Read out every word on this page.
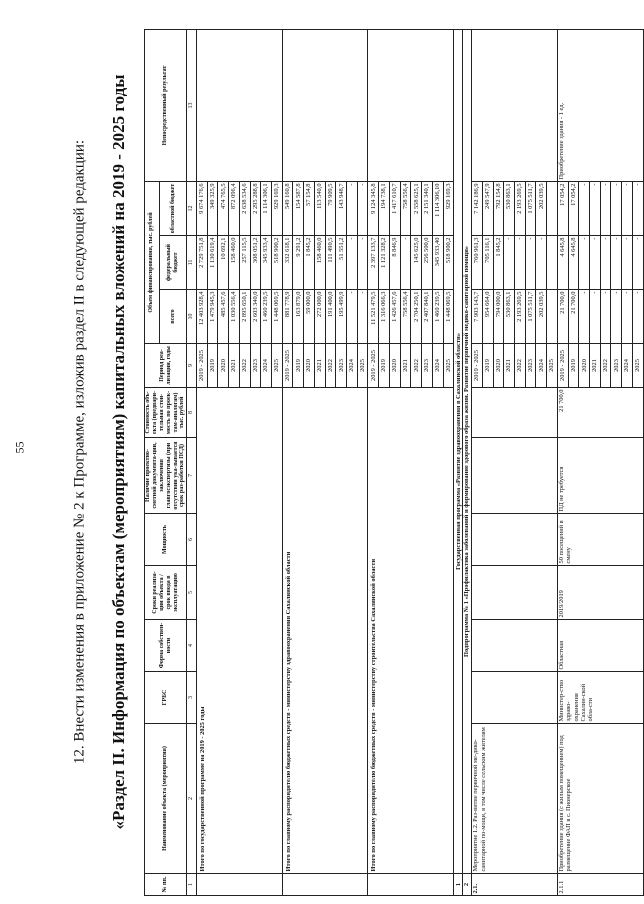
55	12. Внести изменения в приложение № 2 к Программе, изложив раздел II в следующей редакции: «Раздел II. Информация по объектам (мероприятиям) капитальных вложений на 2019 - 2025 годы
№ пп.	Наименование объекта (мероприятия)	ГРБС	Форма собствен-ности	Сроки реализа-ции объекта / срок ввода в эксплуатацию	Мощность	Наличие проектно-сметной документа-ции, заключения главгосэкспертизы (при отсутствии ука-зывается срок раз-работки ПСД)	Стоимость объ-екта (предвари-тельная стои-мость по проек-там-аналогам) тыс. рублей	Период реа-лизации, годы	Объем финансирования, тыс. рублей			Непосредственный результат
									всего	федеральный бюджет	областной бюджет	
1	2	3	4	5	6	7	8	9	10	11	12	13
	Итого по государственной программе на 2019 - 2025 годы							2019 - 2025	12 403 928,4	2 729 751,8	9 674 176,6	
								2019	1 479 945,3	1 130 619,4	349 325,9	
								2020	485 457,6	10 692,1	474 765,5	
								2021	1 030 556,4	158 460,0	872 096,4	
								2022	2 895 650,1	257 115,5	2 638 534,6	
								2023	2 603 340,0	308 051,2	2 295 288,8	
								2024	1 460 239,5	345 933,4	1 114 306,1	
								2025	1 448 069,5	518 900,2	929 169,3	
	Итого по главному распорядителю бюджетных средств - министерству здравоохранения Сахалинской области							2019 - 2025	881 778,9	332 618,1	549 160,8	
								2019	163 879,0	9 291,2	154 587,8	
								2020	59 000,0	1 845,2	57 154,8	
								2021	272 000,0	158 460,0	113 540,0	
								2022	191 400,0	111 490,5	79 909,5	
								2023	195 499,9	51 551,2	143 948,7	
								2024	-	-	-	
								2025	-	-	-	
	Итого по главному распорядителю бюджетных средств - министерству строительства Сахалинской области							2019 - 2025	11 521 479,5	2 397 133,7	9 124 345,8	
								2019	1 316 066,3	1 121 328,2	194 738,1	
								2020	1 426 457,6	8 846,9	1 417 610,7	
								2021	758 556,4	-	758 556,4	
								2022	2 704 250,1	145 625,0	2 558 625,1	
								2023	2 407 840,1	256 500,0	2 151 340,1	
								2024	1 460 239,5	345 933,40	1 114 306,10	
								2025	1 448 069,5	518 900,2	929 169,3	
1	Государственная программа «Развитие здравоохранения в Сахалинской области»											
2	Подпрограмма № 1 «Профилактика заболеваний и формирование здорового образа жизни. Развитие первичной медико-санитарной помощи»											
2.1.	Мероприятие 1.2. Раз-витие первичной ме-дико-санитарной по-мощи, в том числе сельским жителям							2019 - 2025	7 903 143,7	760 961,3	7 142 186,9	
								2019	954 664,0	705 116,1	249 547,9	
								2020	794 000,0	1 845,2	792 154,8	
								2021	530 863,1	-	530 863,1	
								2022	2 193 269,5	-	2 193 269,5	
								2023	1 075 511,7	-	1 075 511,7	
								2024	202 039,5	-	202 039,5	
								2025				
2.1.1	Приобретение здания (с жилым помещением) под размещение ФАП в с. Пионерское	Министер-ство здраво-охранения Сахалин-ской обла-сти	Областная	2019/2019	50 посещений в смену	ПД не требуется	21 700,0	2019 - 2025	21 700,0	4 645,8	17 054,2	Приобретение здания - 1 ед.
								2019	21 700,0	4 645,8	17 054,2	
								2020	-	-	-	
								2021	-	-	-	
								2022	-	-	-	
								2023	-	-	-	
								2024	-	-	-	
								2025	-	-	-	
